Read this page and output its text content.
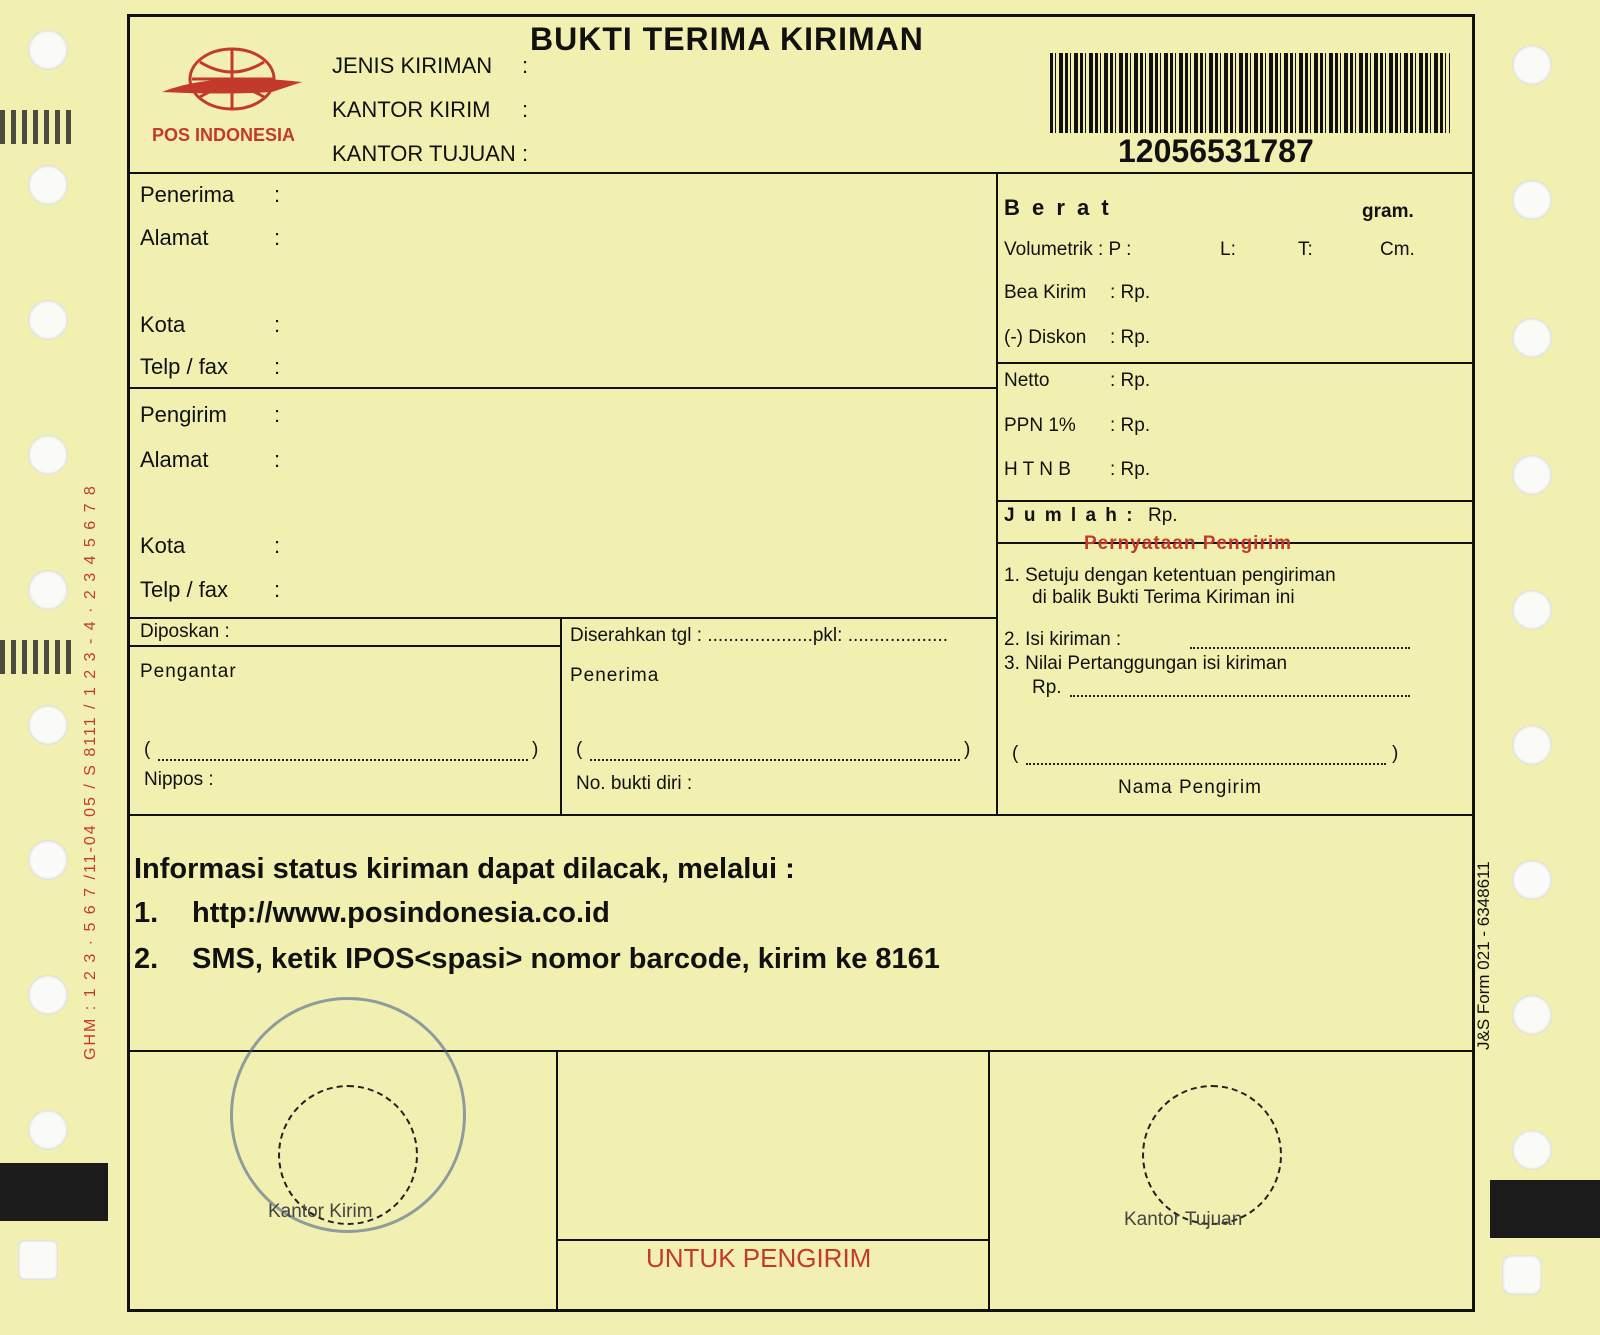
GHM : 1 2 3 · 5 6 7 /11-04 05 / S 8111 / 1 2 3 - 4 · 2 3 4 5 6 7 8	J&S Form 021 - 6348611
POS INDONESIA
BUKTI TERIMA KIRIMAN
JENIS KIRIMAN :
KANTOR KIRIM :
KANTOR TUJUAN :	12056531787
Penerima :
Alamat	:
Kota	:
Telp / fax :
Pengirim :
Alamat	:
Kota	:
Telp / fax :
B e r a t	gram.
Volumetrik : P :	L:	T:	Cm.
Bea Kirim : Rp.
(-) Diskon : Rp.
Netto	: Rp.
PPN 1% : Rp.
H T N B : Rp.
J u m l a h : Rp.
Pernyataan Pengirim
1. Setuju dengan ketentuan pengiriman
di balik Bukti Terima Kiriman ini
2. Isi kiriman :
3. Nilai Pertanggungan isi kiriman
Rp.
Diposkan :
Pengantar
Diserahkan tgl : ....................pkl: ...................
Penerima
(	) (	) (	)
Nippos :	No. bukti diri :	Nama Pengirim
Informasi status kiriman dapat dilacak, melalui :
1. http://www.posindonesia.co.id
2. SMS, ketik IPOS<spasi> nomor barcode, kirim ke 8161
Kantor Kirim	Kantor Tujuan
UNTUK PENGIRIM
